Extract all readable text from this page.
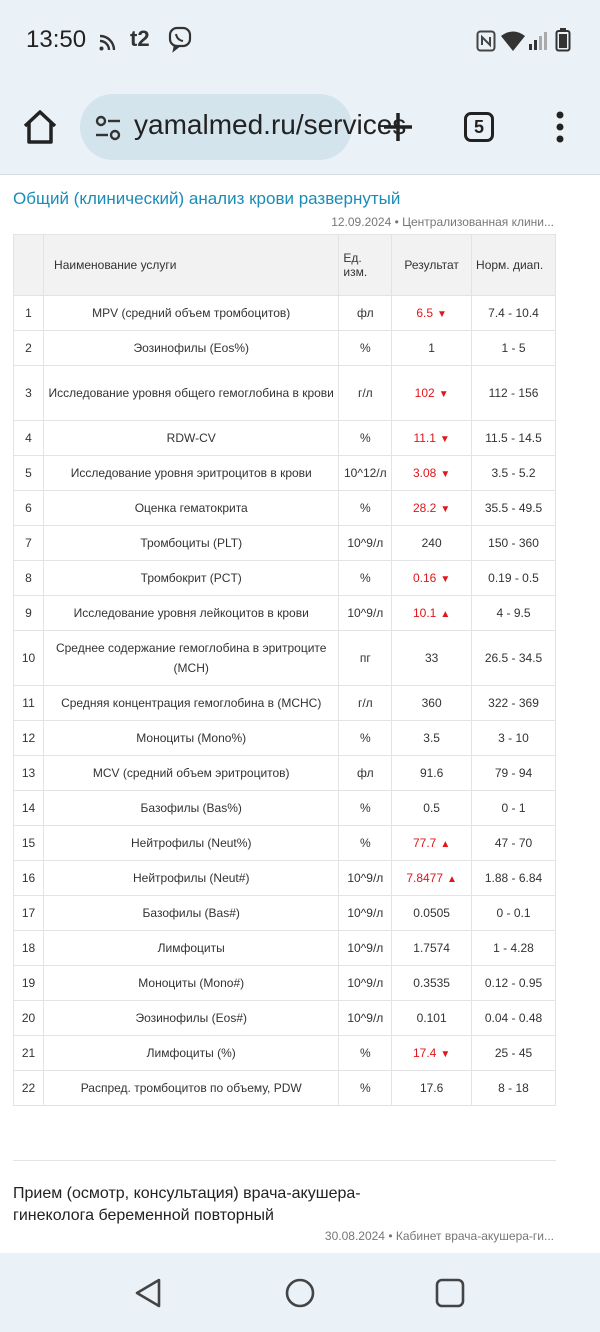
13:50 t2
yamalmed.ru/services	5
Общий (клинический) анализ крови развернутый
12.09.2024 • Централизованная клини...
	Наименование услуги	Ед. изм.	Результат	Норм. диап.
1	MPV (средний объем тромбоцитов)	фл	6.5 ▼	7.4 - 10.4
2	Эозинофилы (Eos%)	%	1	1 - 5
3	Исследование уровня общего гемоглобина в крови	г/л	102 ▼	112 - 156
4	RDW-CV	%	11.1 ▼	11.5 - 14.5
5	Исследование уровня эритроцитов в крови	10^12/л	3.08 ▼	3.5 - 5.2
6	Оценка гематокрита	%	28.2 ▼	35.5 - 49.5
7	Тромбоциты (PLT)	10^9/л	240	150 - 360
8	Тромбокрит (PCT)	%	0.16 ▼	0.19 - 0.5
9	Исследование уровня лейкоцитов в крови	10^9/л	10.1 ▲	4 - 9.5
10	Среднее содержание гемоглобина в эритроците (MCH)	пг	33	26.5 - 34.5
11	Средняя концентрация гемоглобина в (MCHC)	г/л	360	322 - 369
12	Моноциты (Mono%)	%	3.5	3 - 10
13	MCV (средний объем эритроцитов)	фл	91.6	79 - 94
14	Базофилы (Bas%)	%	0.5	0 - 1
15	Нейтрофилы (Neut%)	%	77.7 ▲	47 - 70
16	Нейтрофилы (Neut#)	10^9/л	7.8477 ▲	1.88 - 6.84
17	Базофилы (Bas#)	10^9/л	0.0505	0 - 0.1
18	Лимфоциты	10^9/л	1.7574	1 - 4.28
19	Моноциты (Mono#)	10^9/л	0.3535	0.12 - 0.95
20	Эозинофилы (Eos#)	10^9/л	0.101	0.04 - 0.48
21	Лимфоциты (%)	%	17.4 ▼	25 - 45
22	Распред. тромбоцитов по объему, PDW	%	17.6	8 - 18
Прием (осмотр, консультация) врача-акушера-гинеколога беременной повторный
30.08.2024 • Кабинет врача-акушера-ги...
